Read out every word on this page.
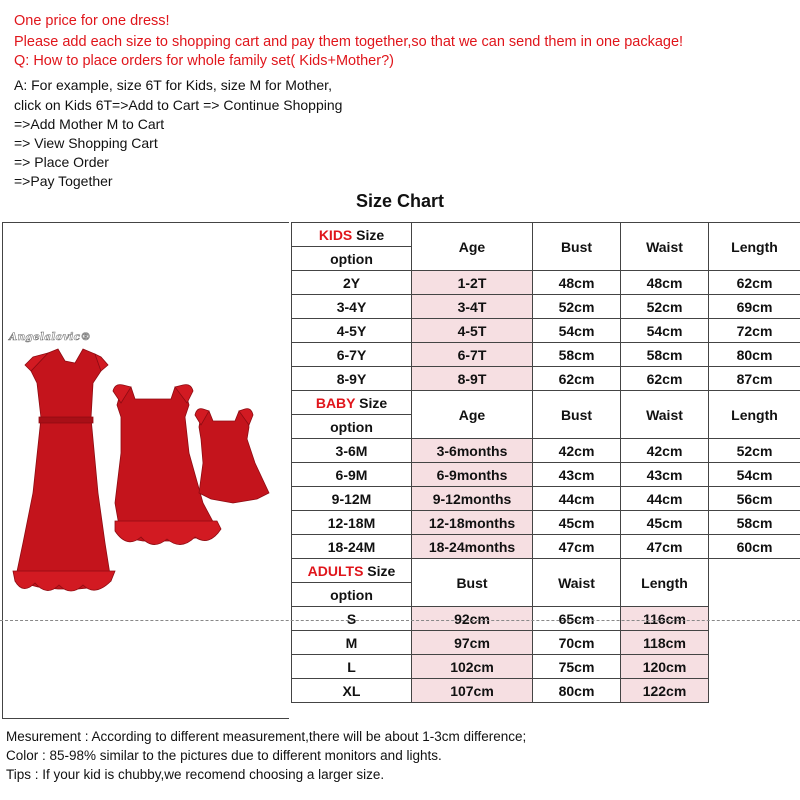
One price for one dress!
Please add each size to shopping cart and pay them together,so that we can send them in one package!
Q: How to place orders for whole family set( Kids+Mother?)
A: For example, size 6T for Kids, size M for Mother,
click on Kids 6T=>Add to Cart => Continue Shopping
=>Add Mother M to Cart
=> View Shopping Cart
=> Place Order
=>Pay Together
Size Chart
Angelalovic®
KIDS Size	Age	Bust	Waist	Length
option				
2Y	1-2T	48cm	48cm	62cm
3-4Y	3-4T	52cm	52cm	69cm
4-5Y	4-5T	54cm	54cm	72cm
6-7Y	6-7T	58cm	58cm	80cm
8-9Y	8-9T	62cm	62cm	87cm
BABY Size	Age	Bust	Waist	Length
option				
3-6M	3-6months	42cm	42cm	52cm
6-9M	6-9months	43cm	43cm	54cm
9-12M	9-12months	44cm	44cm	56cm
12-18M	12-18months	45cm	45cm	58cm
18-24M	18-24months	47cm	47cm	60cm
ADULTS Size	Bust	Waist	Length	
option				
S	92cm	65cm	116cm	
M	97cm	70cm	118cm	
L	102cm	75cm	120cm	
XL	107cm	80cm	122cm	
Mesurement : According to different measurement,there will be about 1-3cm difference;
Color : 85-98% similar to the pictures due to different monitors and lights.
Tips : If your kid is chubby,we recomend choosing a larger size.
